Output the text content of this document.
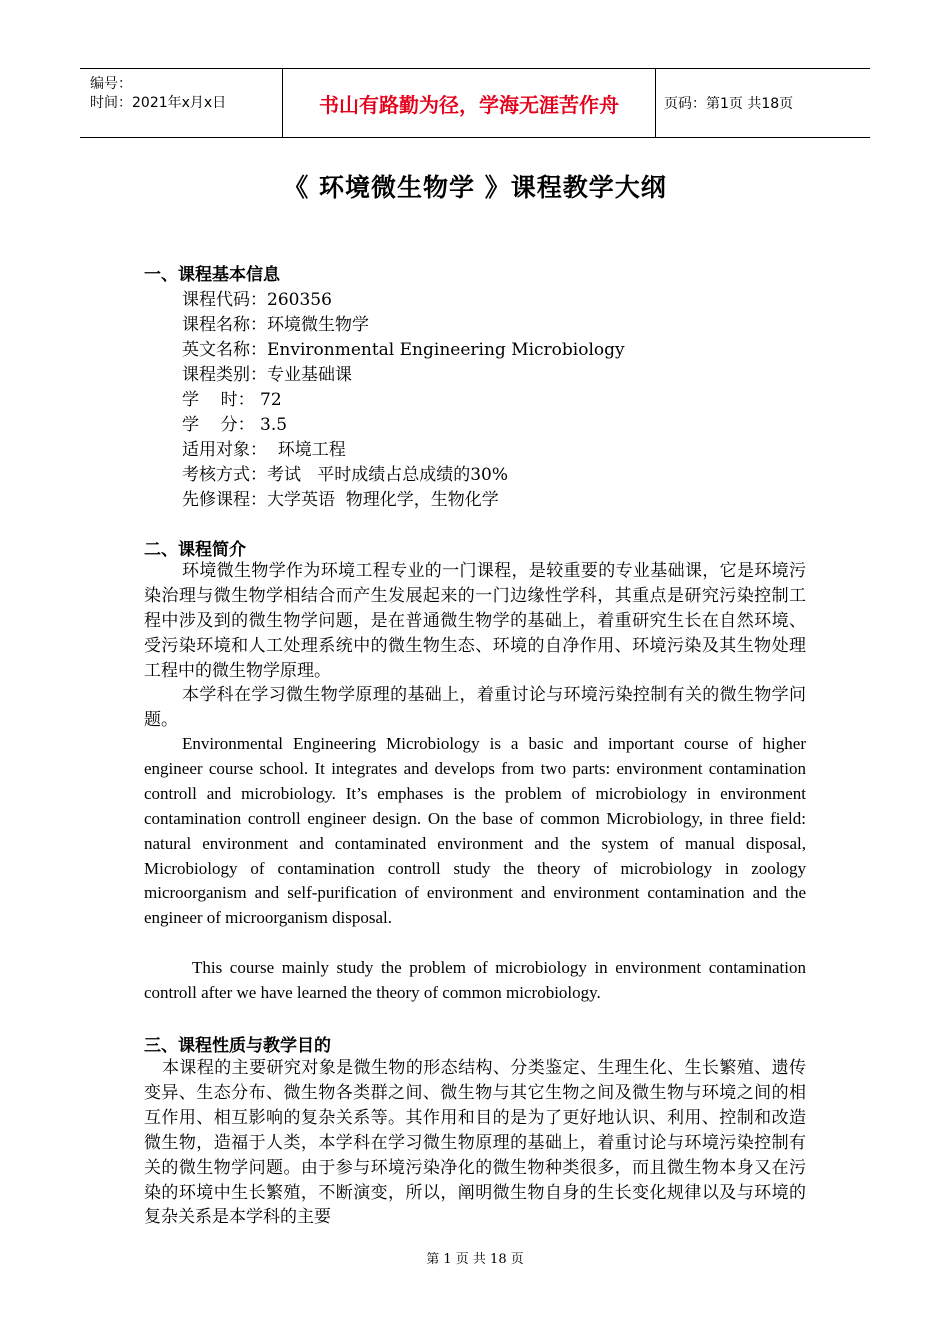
编号：
时间：2021年x月x日	书山有路勤为径，学海无涯苦作舟	页码：第1页 共18页
《 环境微生物学 》课程教学大纲
一、课程基本信息
课程代码：260356
课程名称：环境微生物学
英文名称：Environmental Engineering Microbiology
课程类别：专业基础课
学    时： 72
学    分： 3.5
适用对象：  环境工程
考核方式：考试   平时成绩占总成绩的30%
先修课程：大学英语  物理化学，生物化学
二、课程简介
环境微生物学作为环境工程专业的一门课程，是较重要的专业基础课，它是环境污染治理与微生物学相结合而产生发展起来的一门边缘性学科，其重点是研究污染控制工程中涉及到的微生物学问题，是在普通微生物学的基础上，着重研究生长在自然环境、受污染环境和人工处理系统中的微生物生态、环境的自净作用、环境污染及其生物处理工程中的微生物学原理。
本学科在学习微生物学原理的基础上，着重讨论与环境污染控制有关的微生物学问题。
Environmental Engineering Microbiology is a basic and important course of higher engineer course school. It integrates and develops from two parts: environment contamination controll and microbiology. It’s emphases is the problem of microbiology in environment contamination controll engineer design. On the base of common Microbiology, in three field: natural environment and contaminated environment and the system of manual disposal, Microbiology of contamination controll study the theory of microbiology in zoology microorganism and self-purification of environment and environment contamination and the engineer of microorganism disposal.
This course mainly study the problem of microbiology in environment contamination controll after we have learned the theory of common microbiology.
三、课程性质与教学目的
本课程的主要研究对象是微生物的形态结构、分类鉴定、生理生化、生长繁殖、遗传变异、生态分布、微生物各类群之间、微生物与其它生物之间及微生物与环境之间的相互作用、相互影响的复杂关系等。其作用和目的是为了更好地认识、利用、控制和改造微生物，造福于人类，本学科在学习微生物原理的基础上，着重讨论与环境污染控制有关的微生物学问题。由于参与环境污染净化的微生物种类很多，而且微生物本身又在污染的环境中生长繁殖，不断演变，所以，阐明微生物自身的生长变化规律以及与环境的复杂关系是本学科的主要
第 1 页 共 18 页
